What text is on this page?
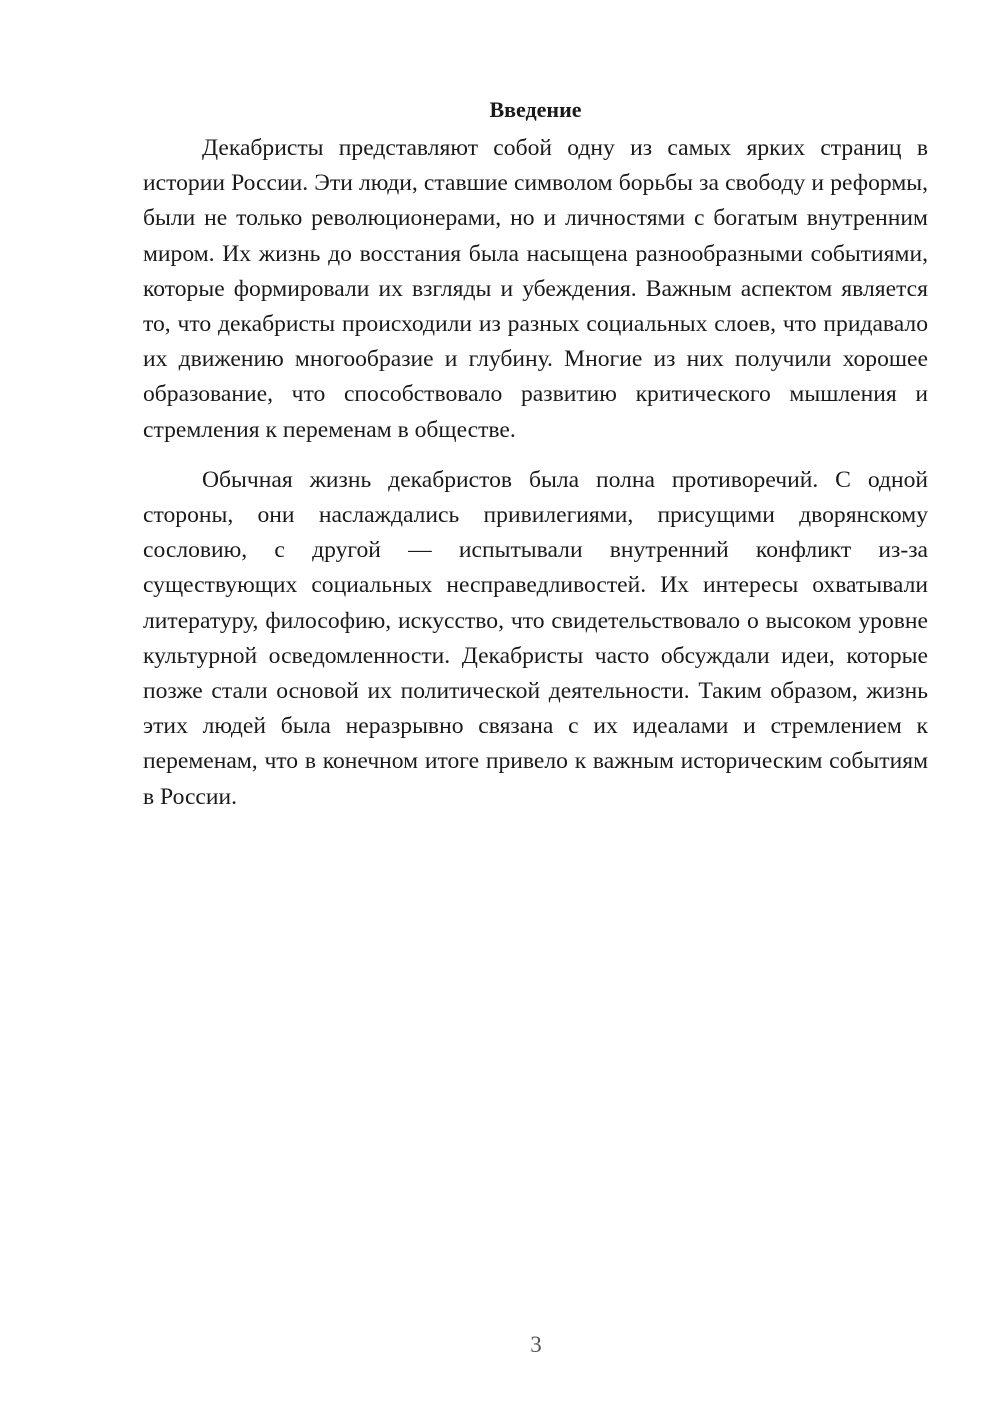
Введение

Декабристы представляют собой одну из самых ярких страниц в истории России. Эти люди, ставшие символом борьбы за свободу и реформы, были не только революционерами, но и личностями с богатым внутренним миром. Их жизнь до восстания была насыщена разнообразными событиями, которые формировали их взгляды и убеждения. Важным аспектом является то, что декабристы происходили из разных социальных слоев, что придавало их движению многообразие и глубину. Многие из них получили хорошее образование, что способствовало развитию критического мышления и стремления к переменам в обществе.

Обычная жизнь декабристов была полна противоречий. С одной стороны, они наслаждались привилегиями, присущими дворянскому сословию, с другой — испытывали внутренний конфликт из-за существующих социальных несправедливостей. Их интересы охватывали литературу, философию, искусство, что свидетельствовало о высоком уровне культурной осведомленности. Декабристы часто обсуждали идеи, которые позже стали основой их политической деятельности. Таким образом, жизнь этих людей была неразрывно связана с их идеалами и стремлением к переменам, что в конечном итоге привело к важным историческим событиям в России.

3
